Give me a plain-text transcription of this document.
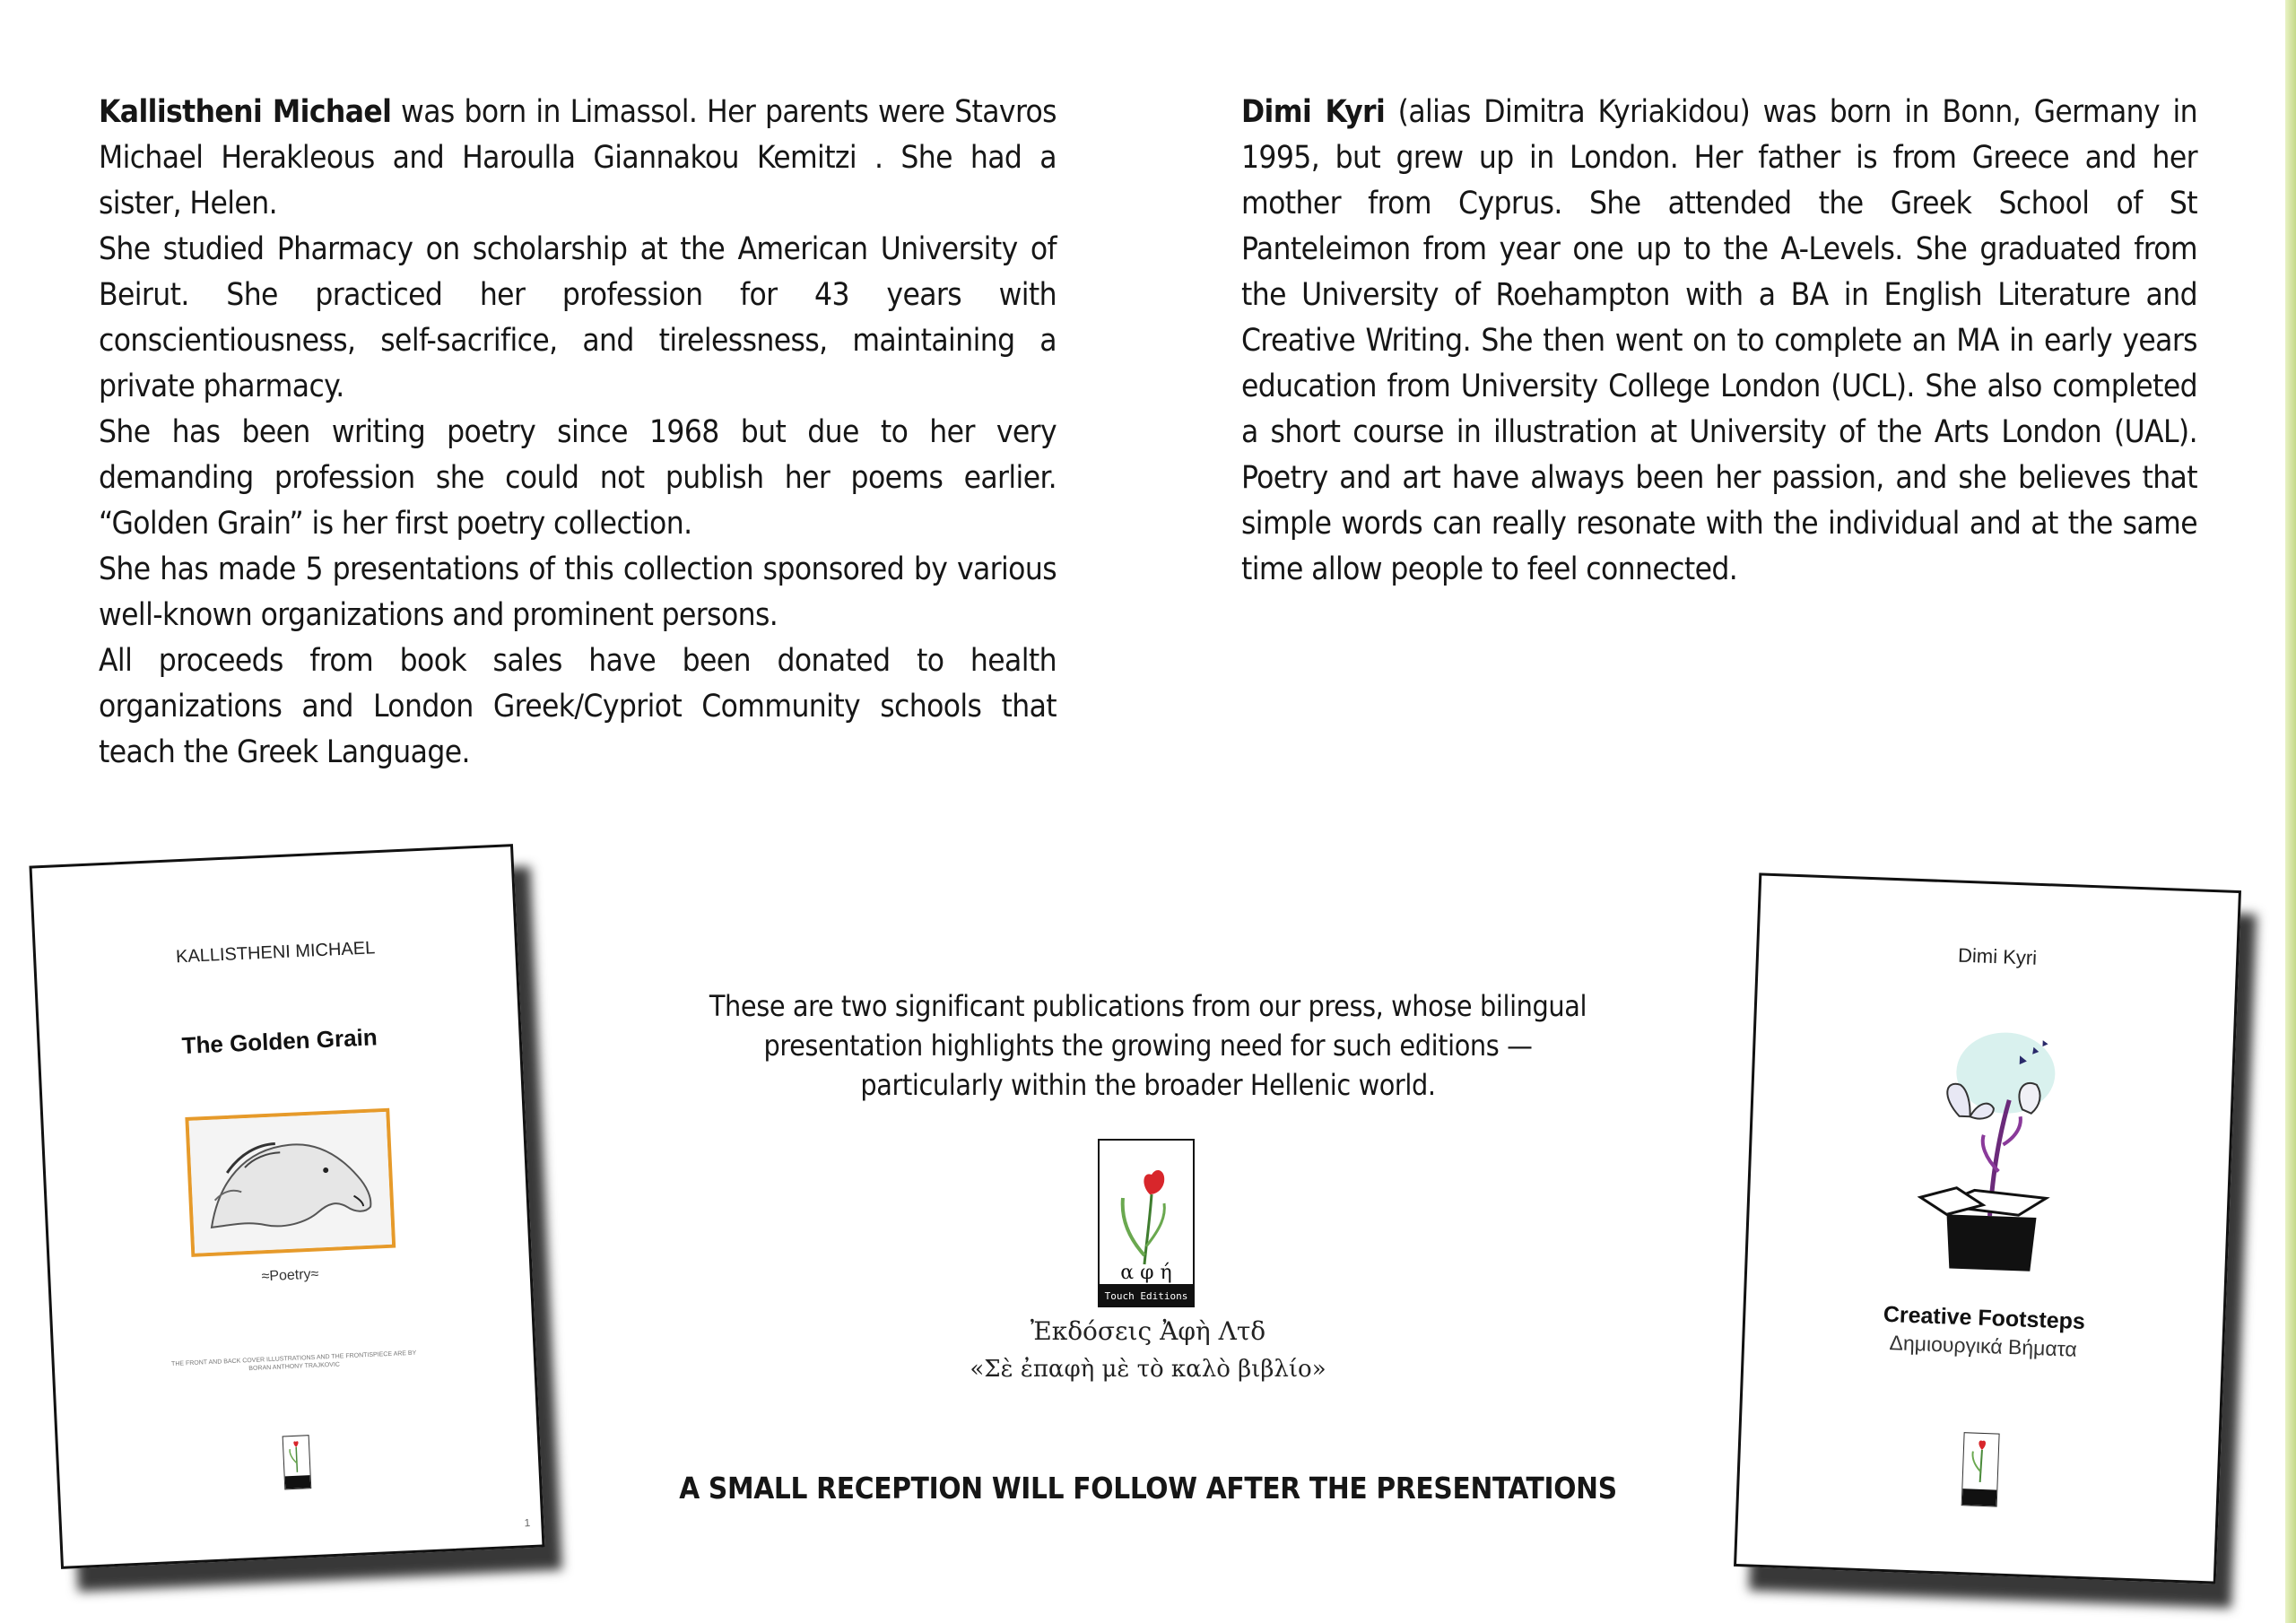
Kallistheni Michael was born in Limassol. Her parents were Stavros Michael Herakleous and Haroulla Giannakou Kemitzi . She had a sister, Helen.

She studied Pharmacy on scholarship at the American University of Beirut. She practiced her profession for 43 years with conscientiousness, self-sacrifice, and tirelessness, maintaining a private pharmacy.

She has been writing poetry since 1968 but due to her very demanding profession she could not publish her poems earlier. “Golden Grain” is her first poetry collection.

She has made 5 presentations of this collection sponsored by various well-known organizations and prominent persons.

All proceeds from book sales have been donated to health organizations and London Greek/Cypriot Community schools that teach the Greek Language.

Dimi Kyri (alias Dimitra Kyriakidou) was born in Bonn, Germany in 1995, but grew up in London. Her father is from Greece and her mother from Cyprus. She attended the Greek School of St Panteleimon from year one up to the A-Levels. She graduated from the University of Roehampton with a BA in English Literature and Creative Writing. She then went on to complete an MA in early years education from University College London (UCL). She also completed a short course in illustration at University of the Arts London (UAL). Poetry and art have always been her passion, and she believes that simple words can really resonate with the individual and at the same time allow people to feel connected.

KALLISTHENI MICHAEL
The Golden Grain
≈Poetry≈
THE FRONT AND BACK COVER ILLUSTRATIONS AND THE FRONTISPIECE ARE BY BORAN ANTHONY TRAJKOVIC
1
These are two significant publications from our press, whose bilingual presentation highlights the growing need for such editions — particularly within the broader Hellenic world.
α φ ή
Touch Editions
Ἐκδόσεις Ἀφὴ Λτδ
«Σὲ ἐπαφὴ μὲ τὸ καλὸ βιβλίο»
A SMALL RECEPTION WILL FOLLOW AFTER THE PRESENTATIONS
Dimi Kyri
Creative Footsteps
Δημιουργικά Βήματα
